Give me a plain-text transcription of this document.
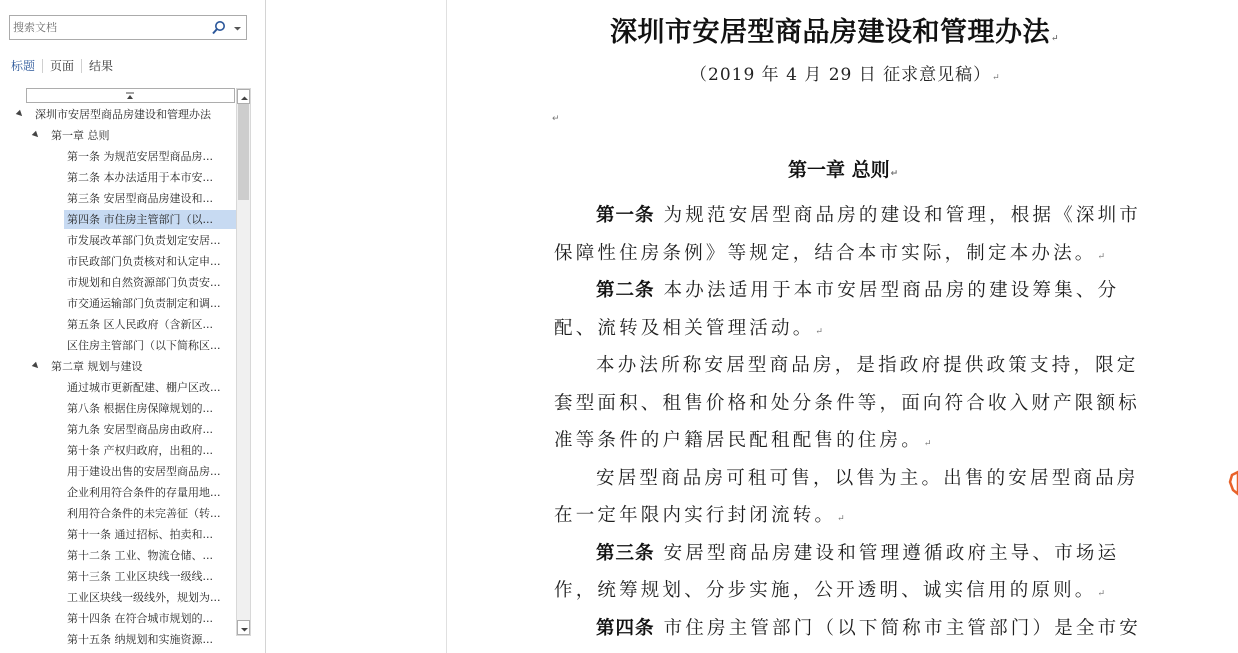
搜索文档
标题	页面	结果
深圳市安居型商品房建设和管理办法
第一章 总则
第一条 为规范安居型商品房...
第二条 本办法适用于本市安...
第三条 安居型商品房建设和...
第四条 市住房主管部门（以...
市发展改革部门负责划定安居...
市民政部门负责核对和认定申...
市规划和自然资源部门负责安...
市交通运输部门负责制定和调...
第五条 区人民政府（含新区...
区住房主管部门（以下简称区...
第二章 规划与建设
通过城市更新配建、棚户区改...
第八条 根据住房保障规划的...
第九条 安居型商品房由政府...
第十条 产权归政府，出租的...
用于建设出售的安居型商品房...
企业利用符合条件的存量用地...
利用符合条件的未完善征（转...
第十一条 通过招标、拍卖和...
第十二条 工业、物流仓储、...
第十三条 工业区块线一级线...
工业区块线一级线外，规划为...
第十四条 在符合城市规划的...
第十五条 纳规划和实施资源...
深圳市安居型商品房建设和管理办法↵
（2019 年 4 月 29 日 征求意见稿）↵
↵
第一章 总则↵
第一条 为规范安居型商品房的建设和管理，根据《深圳市
保障性住房条例》等规定，结合本市实际，制定本办法。↵
第二条 本办法适用于本市安居型商品房的建设筹集、分
配、流转及相关管理活动。↵
本办法所称安居型商品房，是指政府提供政策支持，限定
套型面积、租售价格和处分条件等，面向符合收入财产限额标
准等条件的户籍居民配租配售的住房。↵
安居型商品房可租可售，以售为主。出售的安居型商品房
在一定年限内实行封闭流转。↵
第三条 安居型商品房建设和管理遵循政府主导、市场运
作，统筹规划、分步实施，公开透明、诚实信用的原则。↵
第四条 市住房主管部门（以下简称市主管部门）是全市安
